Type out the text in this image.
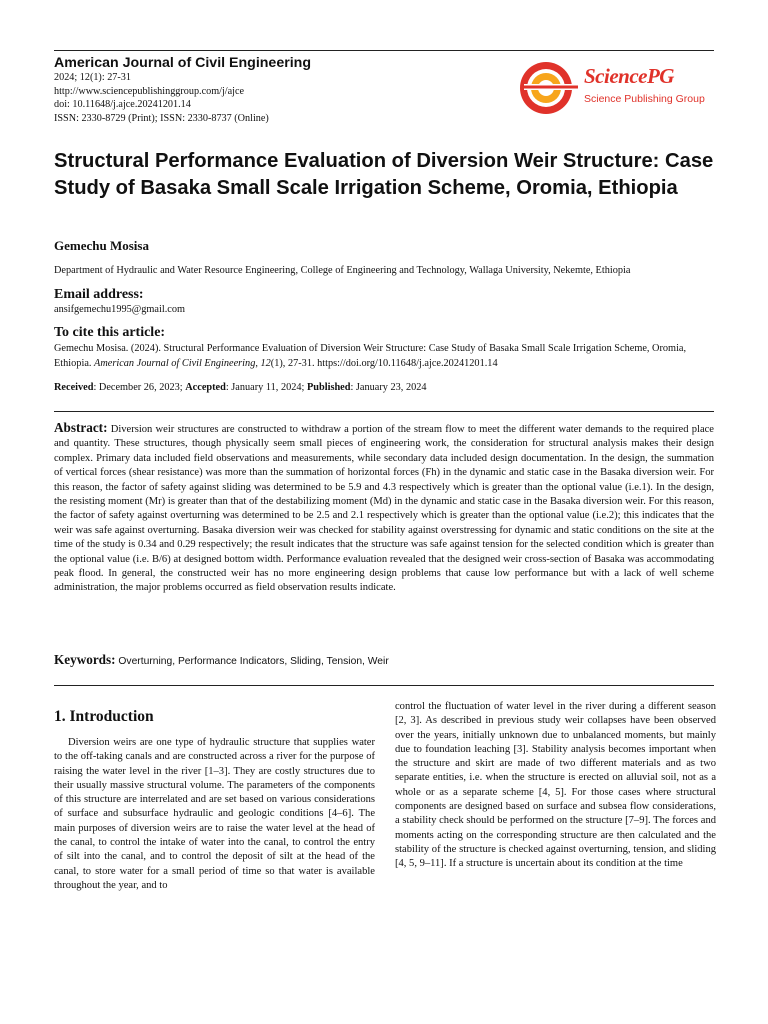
American Journal of Civil Engineering
2024; 12(1): 27-31
http://www.sciencepublishinggroup.com/j/ajce
doi: 10.11648/j.ajce.20241201.14
ISSN: 2330-8729 (Print); ISSN: 2330-8737 (Online)
SciencePG
Science Publishing Group
Structural Performance Evaluation of Diversion Weir Structure: Case Study of Basaka Small Scale Irrigation Scheme, Oromia, Ethiopia
Gemechu Mosisa
Department of Hydraulic and Water Resource Engineering, College of Engineering and Technology, Wallaga University, Nekemte, Ethiopia
Email address:
ansifgemechu1995@gmail.com
To cite this article:
Gemechu Mosisa. (2024). Structural Performance Evaluation of Diversion Weir Structure: Case Study of Basaka Small Scale Irrigation Scheme, Oromia, Ethiopia. American Journal of Civil Engineering, 12(1), 27-31. https://doi.org/10.11648/j.ajce.20241201.14
Received: December 26, 2023; Accepted: January 11, 2024; Published: January 23, 2024
Abstract: Diversion weir structures are constructed to withdraw a portion of the stream flow to meet the different water demands to the required place and quantity. These structures, though physically seem small pieces of engineering work, the consideration for structural analysis makes their design complex. Primary data included field observations and measurements, while secondary data included design documentation. In the design, the summation of vertical forces (shear resistance) was more than the summation of horizontal forces (Fh) in the dynamic and static case in the Basaka diversion weir. For this reason, the factor of safety against sliding was determined to be 5.9 and 4.3 respectively which is greater than the optional value (i.e.1). In the design, the resisting moment (Mr) is greater than that of the destabilizing moment (Md) in the dynamic and static case in the Basaka diversion weir. For this reason, the factor of safety against overturning was determined to be 2.5 and 2.1 respectively which is greater than the optional value (i.e.2); this indicates that the weir was safe against overturning. Basaka diversion weir was checked for stability against overstressing for dynamic and static conditions on the site at the time of the study is 0.34 and 0.29 respectively; the result indicates that the structure was safe against tension for the selected condition which is greater than the optional value (i.e. B/6) at designed bottom width. Performance evaluation revealed that the designed weir cross-section of Basaka was accommodating peak flood. In general, the constructed weir has no more engineering design problems that cause low performance but with a lack of well scheme administration, the major problems occurred as field observation results indicate.
Keywords: Overturning, Performance Indicators, Sliding, Tension, Weir
1. Introduction
Diversion weirs are one type of hydraulic structure that supplies water to the off-taking canals and are constructed across a river for the purpose of raising the water level in the river [1–3]. They are costly structures due to their usually massive structural volume. The parameters of the components of this structure are interrelated and are set based on various considerations of surface and subsurface hydraulic and geologic conditions [4–6]. The main purposes of diversion weirs are to raise the water level at the head of the canal, to control the intake of water into the canal, to control the entry of silt into the canal, and to control the deposit of silt at the head of the canal, to store water for a small period of time so that water is available throughout the year, and to
control the fluctuation of water level in the river during a different season [2, 3]. As described in previous study weir collapses have been observed over the years, initially unknown due to unbalanced moments, but mainly due to foundation leaching [3]. Stability analysis becomes important when the structure and skirt are made of two different materials and as two separate entities, i.e. when the structure is erected on alluvial soil, not as a whole or as a separate scheme [4, 5]. For those cases where structural components are designed based on surface and subsea flow considerations, a stability check should be performed on the structure [7–9]. The forces and moments acting on the corresponding structure are then calculated and the stability of the structure is checked against overturning, tension, and sliding [4, 5, 9–11]. If a structure is uncertain about its condition at the time
